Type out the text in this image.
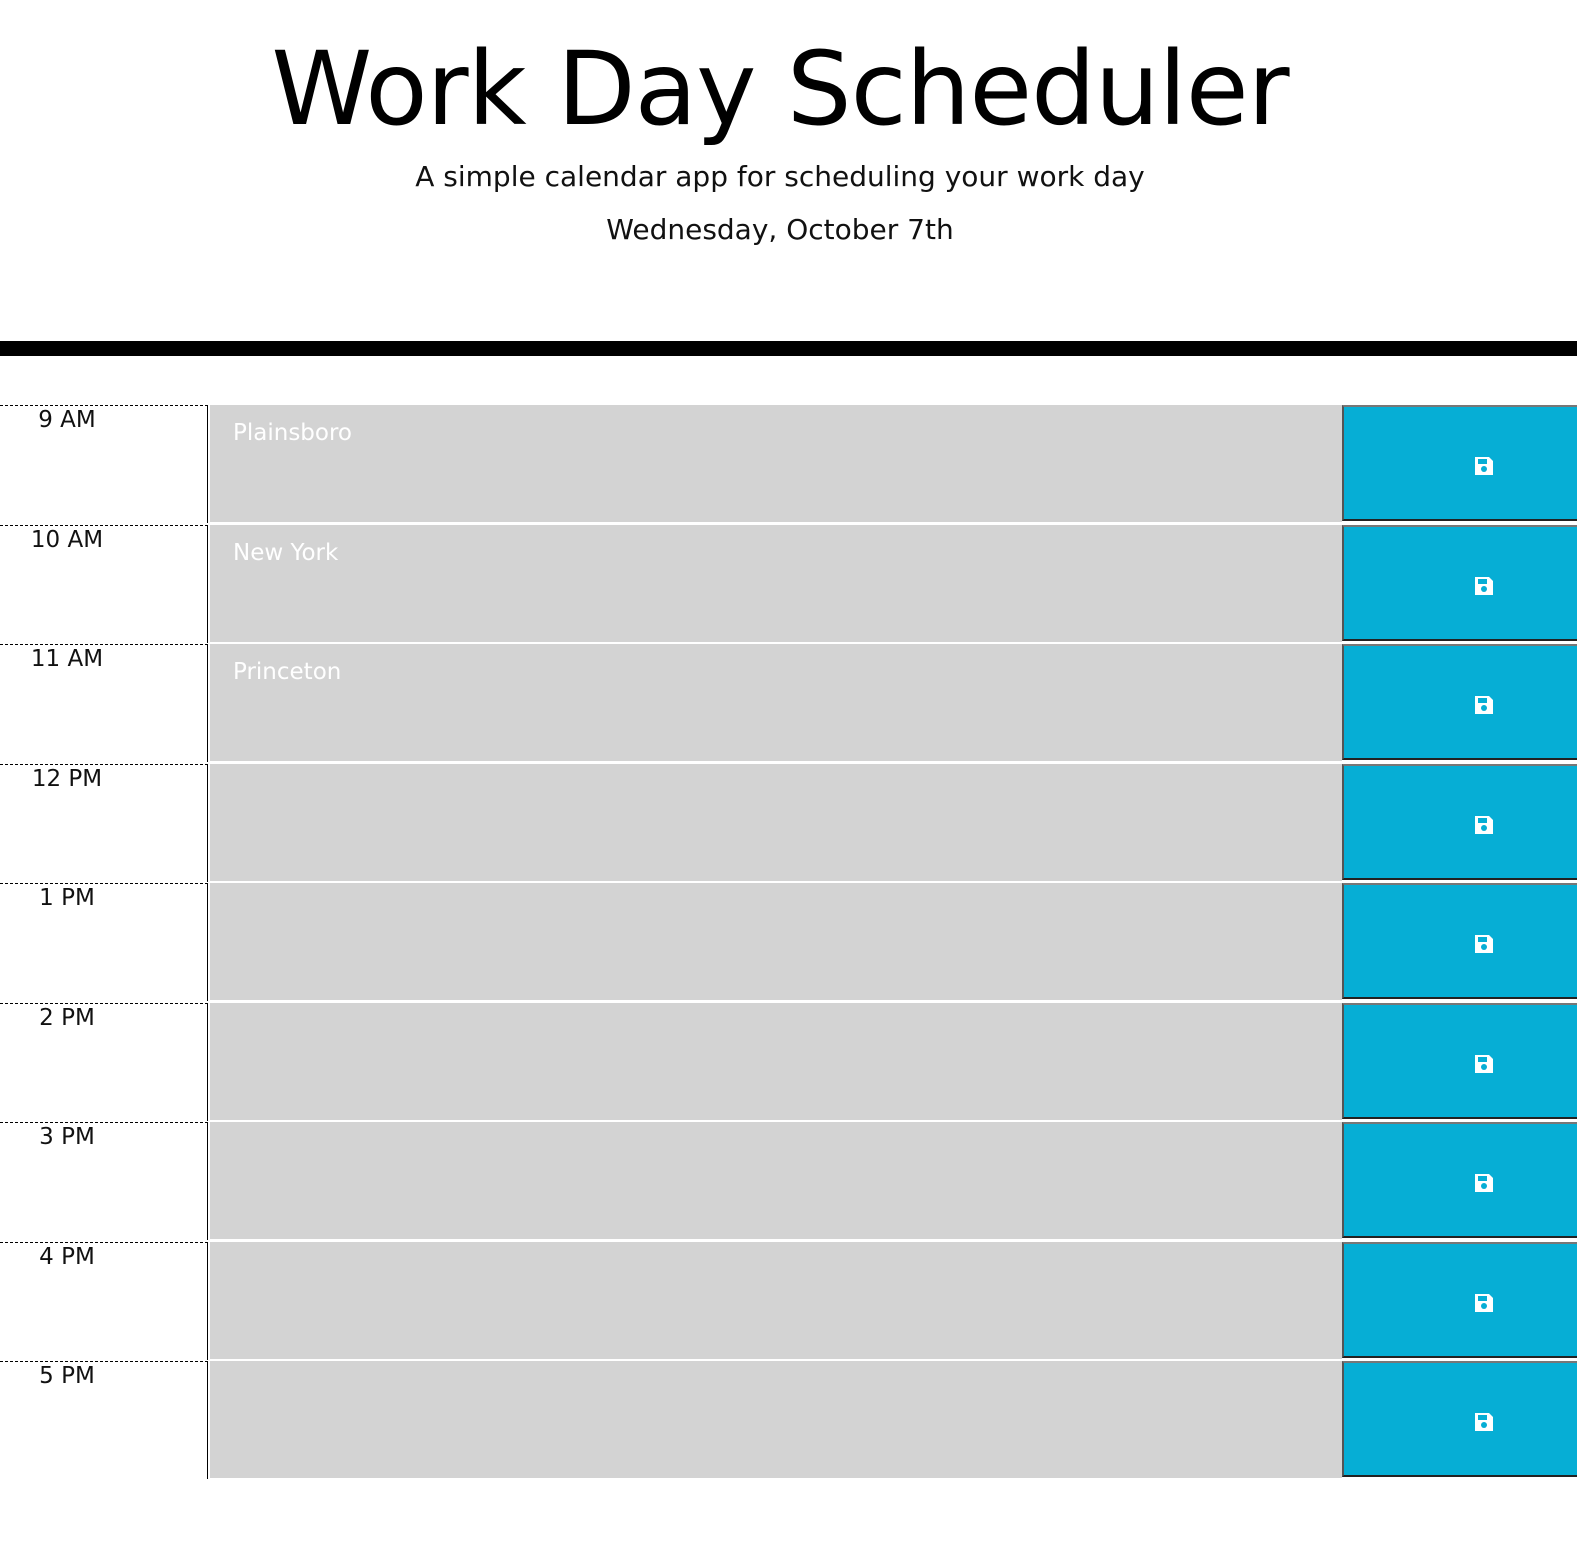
Work Day Scheduler

A simple calendar app for scheduling your work day

Wednesday, October 7th

9 AM	Plainsboro
10 AM	New York
11 AM	Princeton
12 PM
1 PM
2 PM
3 PM
4 PM
5 PM
